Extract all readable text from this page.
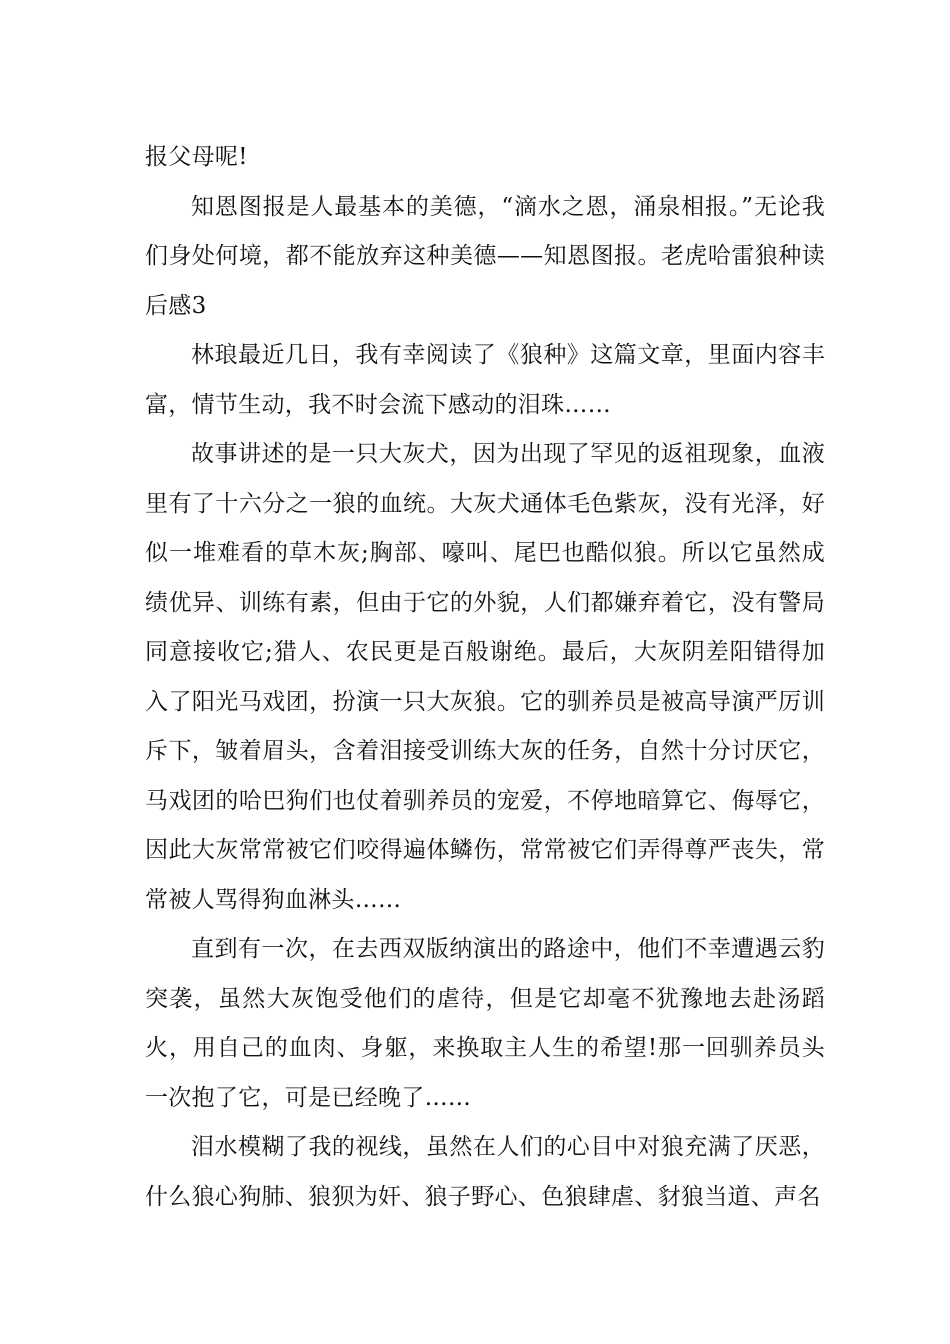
报父母呢!

知恩图报是人最基本的美德，“滴水之恩，涌泉相报。”无论我们身处何境，都不能放弃这种美德——知恩图报。老虎哈雷狼种读后感3

林琅最近几日，我有幸阅读了《狼种》这篇文章，里面内容丰富，情节生动，我不时会流下感动的泪珠……

故事讲述的是一只大灰犬，因为出现了罕见的返祖现象，血液里有了十六分之一狼的血统。大灰犬通体毛色紫灰，没有光泽，好似一堆难看的草木灰;胸部、嚎叫、尾巴也酷似狼。所以它虽然成绩优异、训练有素，但由于它的外貌，人们都嫌弃着它，没有警局同意接收它;猎人、农民更是百般谢绝。最后，大灰阴差阳错得加入了阳光马戏团，扮演一只大灰狼。它的驯养员是被高导演严厉训斥下，皱着眉头，含着泪接受训练大灰的任务，自然十分讨厌它，马戏团的哈巴狗们也仗着驯养员的宠爱，不停地暗算它、侮辱它，因此大灰常常被它们咬得遍体鳞伤，常常被它们弄得尊严丧失，常常被人骂得狗血淋头……

直到有一次，在去西双版纳演出的路途中，他们不幸遭遇云豹突袭，虽然大灰饱受他们的虐待，但是它却毫不犹豫地去赴汤蹈火，用自己的血肉、身躯，来换取主人生的希望!那一回驯养员头一次抱了它，可是已经晚了……

泪水模糊了我的视线，虽然在人们的心目中对狼充满了厌恶，什么狼心狗肺、狼狈为奸、狼子野心、色狼肆虐、豺狼当道、声名
